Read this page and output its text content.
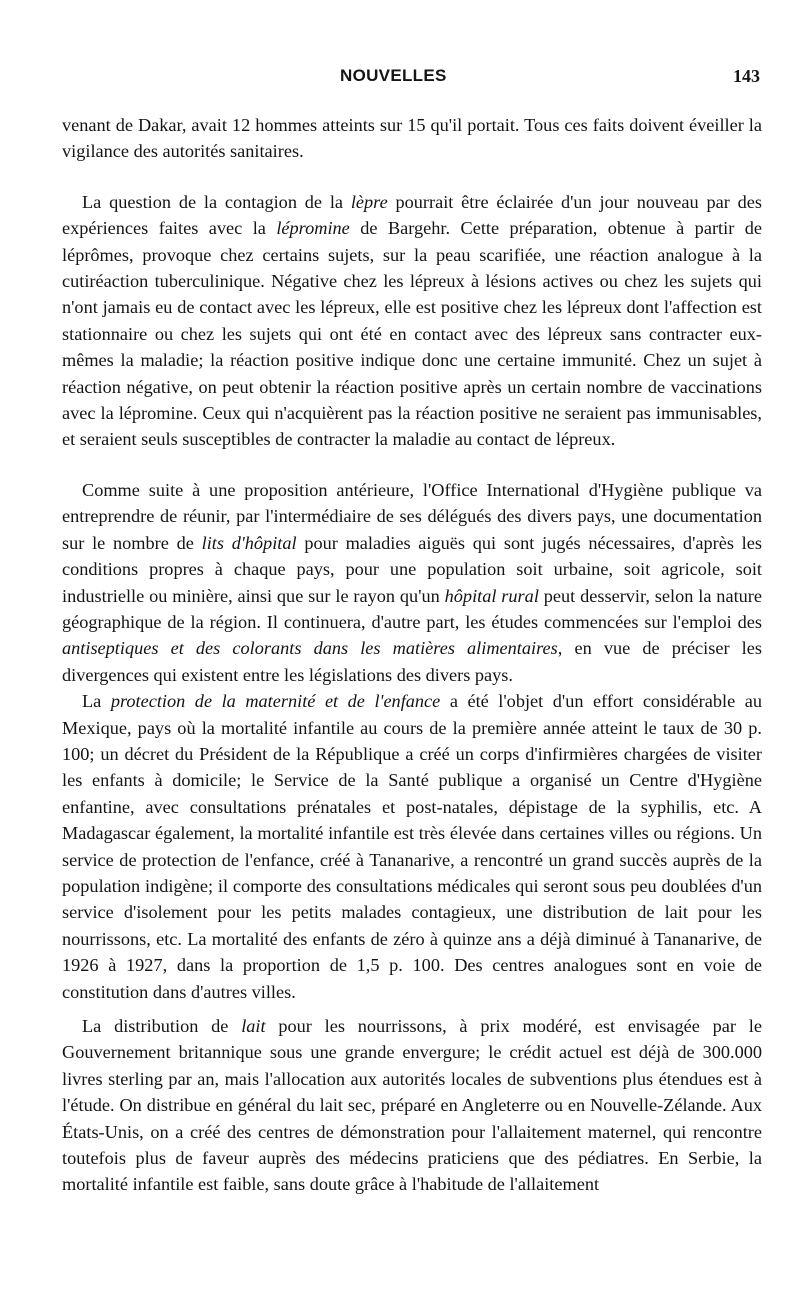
NOUVELLES	143

venant de Dakar, avait 12 hommes atteints sur 15 qu'il portait. Tous ces faits doivent éveiller la vigilance des autorités sanitaires.

La question de la contagion de la lèpre pourrait être éclairée d'un jour nouveau par des expériences faites avec la lépromine de Bargehr. Cette préparation, obtenue à partir de léprômes, provoque chez certains sujets, sur la peau scarifiée, une réaction analogue à la cutiréaction tuberculinique. Négative chez les lépreux à lésions actives ou chez les sujets qui n'ont jamais eu de contact avec les lépreux, elle est positive chez les lépreux dont l'affection est stationnaire ou chez les sujets qui ont été en contact avec des lépreux sans contracter eux-mêmes la maladie; la réaction positive indique donc une certaine immunité. Chez un sujet à réaction négative, on peut obtenir la réaction positive après un certain nombre de vaccinations avec la lépromine. Ceux qui n'acquièrent pas la réaction positive ne seraient pas immunisables, et seraient seuls susceptibles de contracter la maladie au contact de lépreux.

Comme suite à une proposition antérieure, l'Office International d'Hygiène publique va entreprendre de réunir, par l'intermédiaire de ses délégués des divers pays, une documentation sur le nombre de lits d'hôpital pour maladies aiguës qui sont jugés nécessaires, d'après les conditions propres à chaque pays, pour une population soit urbaine, soit agricole, soit industrielle ou minière, ainsi que sur le rayon qu'un hôpital rural peut desservir, selon la nature géographique de la région. Il continuera, d'autre part, les études commencées sur l'emploi des antiseptiques et des colorants dans les matières alimentaires, en vue de préciser les divergences qui existent entre les législations des divers pays.

La protection de la maternité et de l'enfance a été l'objet d'un effort considérable au Mexique, pays où la mortalité infantile au cours de la première année atteint le taux de 30 p. 100; un décret du Président de la République a créé un corps d'infirmières chargées de visiter les enfants à domicile; le Service de la Santé publique a organisé un Centre d'Hygiène enfantine, avec consultations prénatales et post-natales, dépistage de la syphilis, etc. A Madagascar également, la mortalité infantile est très élevée dans certaines villes ou régions. Un service de protection de l'enfance, créé à Tananarive, a rencontré un grand succès auprès de la population indigène; il comporte des consultations médicales qui seront sous peu doublées d'un service d'isolement pour les petits malades contagieux, une distribution de lait pour les nourrissons, etc. La mortalité des enfants de zéro à quinze ans a déjà diminué à Tananarive, de 1926 à 1927, dans la proportion de 1,5 p. 100. Des centres analogues sont en voie de constitution dans d'autres villes.

La distribution de lait pour les nourrissons, à prix modéré, est envisagée par le Gouvernement britannique sous une grande envergure; le crédit actuel est déjà de 300.000 livres sterling par an, mais l'allocation aux autorités locales de subventions plus étendues est à l'étude. On distribue en général du lait sec, préparé en Angleterre ou en Nouvelle-Zélande. Aux États-Unis, on a créé des centres de démonstration pour l'allaitement maternel, qui rencontre toutefois plus de faveur auprès des médecins praticiens que des pédiatres. En Serbie, la mortalité infantile est faible, sans doute grâce à l'habitude de l'allaitement
